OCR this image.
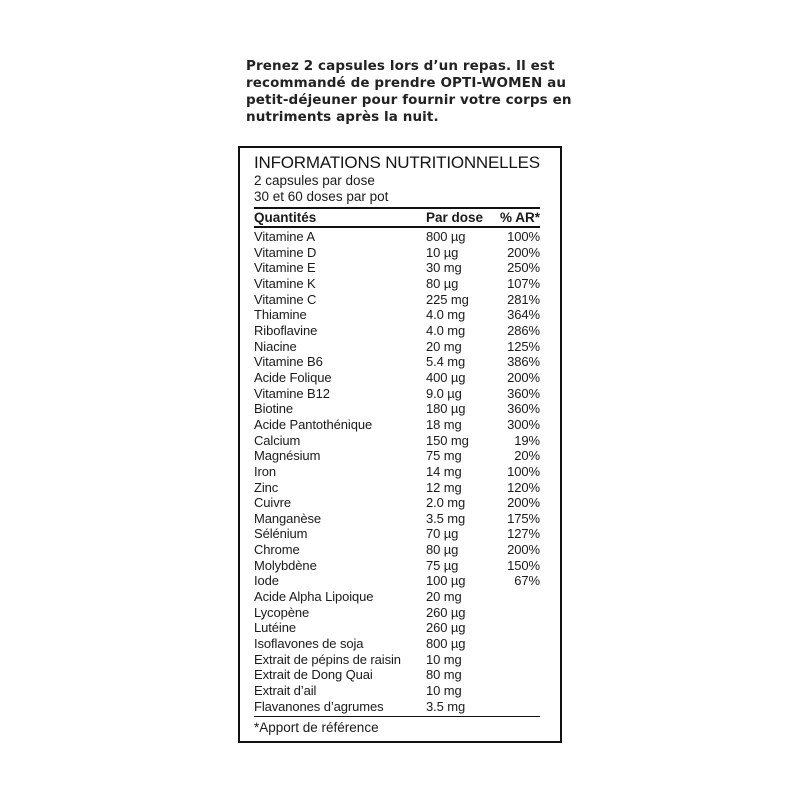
Prenez 2 capsules lors d’un repas. Il est
recommandé de prendre OPTI-WOMEN au
petit-déjeuner pour fournir votre corps en
nutriments après la nuit.
INFORMATIONS NUTRITIONNELLES
2 capsules par dose
30 et 60 doses par pot
Quantités	Par dose	% AR*
Vitamine A	800 µg	100%
Vitamine D	10 µg	200%
Vitamine E	30 mg	250%
Vitamine K	80 µg	107%
Vitamine C	225 mg	281%
Thiamine	4.0 mg	364%
Riboflavine	4.0 mg	286%
Niacine	20 mg	125%
Vitamine B6	5.4 mg	386%
Acide Folique	400 µg	200%
Vitamine B12	9.0 µg	360%
Biotine	180 µg	360%
Acide Pantothénique	18 mg	300%
Calcium	150 mg	19%
Magnésium	75 mg	20%
Iron	14 mg	100%
Zinc	12 mg	120%
Cuivre	2.0 mg	200%
Manganèse	3.5 mg	175%
Sélénium	70 µg	127%
Chrome	80 µg	200%
Molybdène	75 µg	150%
Iode	100 µg	67%
Acide Alpha Lipoique	20 mg
Lycopène	260 µg
Lutéine	260 µg
Isoflavones de soja	800 µg
Extrait de pépins de raisin	10 mg
Extrait de Dong Quai	80 mg
Extrait d’ail	10 mg
Flavanones d’agrumes	3.5 mg
*Apport de référence
